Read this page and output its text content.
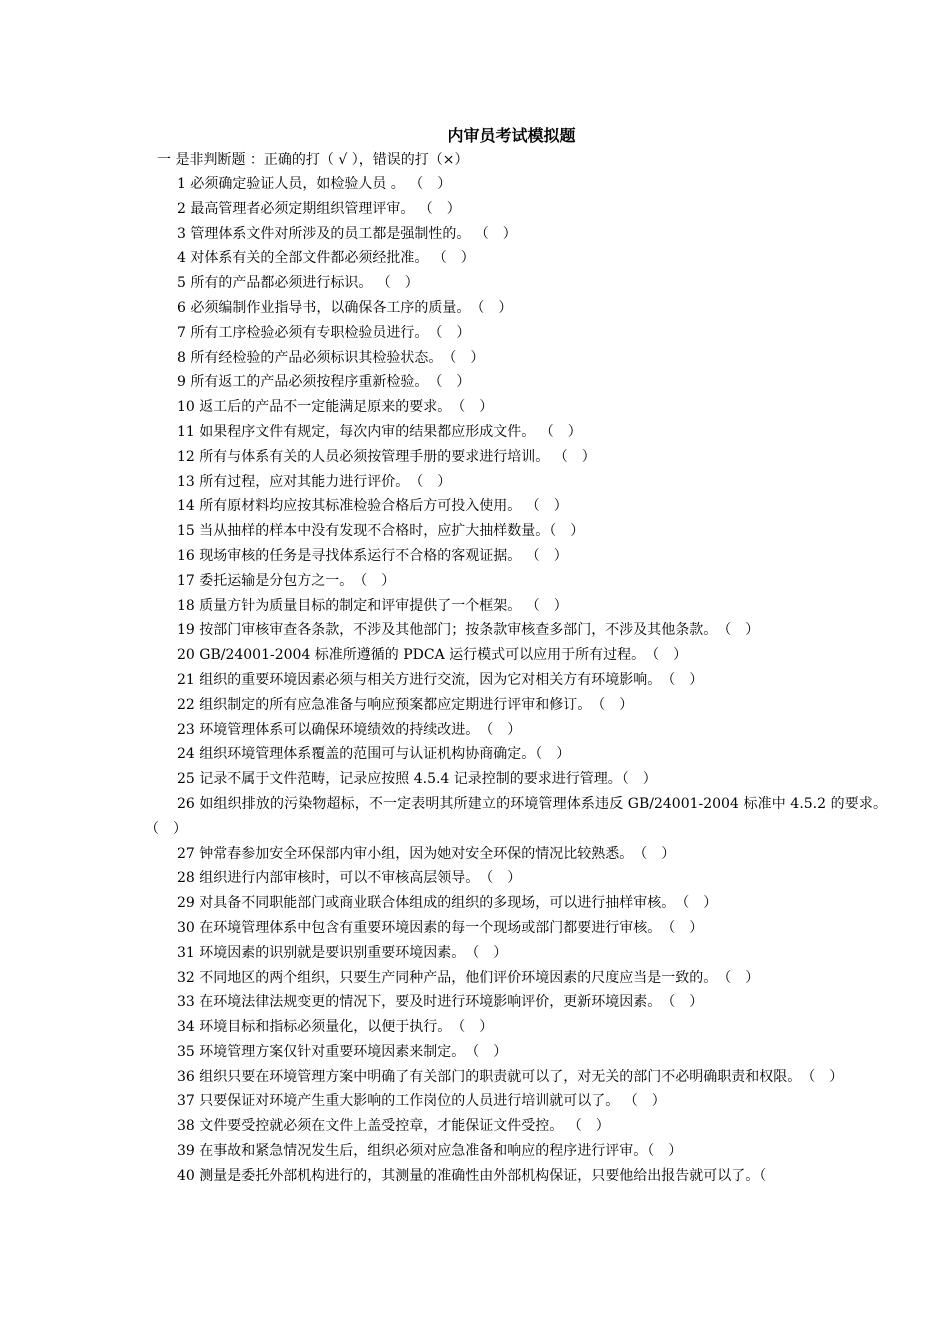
内审员考试模拟题
一 是非判断题 ：正确的打（ √ ），错误的打（×）
1 必须确定验证人员，如检验人员 。 （　）
2 最高管理者必须定期组织管理评审。 （　）
3 管理体系文件对所涉及的员工都是强制性的。 （　）
4 对体系有关的全部文件都必须经批准。 （　）
5 所有的产品都必须进行标识。 （　）
6 必须编制作业指导书，以确保各工序的质量。　（　）
7 所有工序检验必须有专职检验员进行。　（　）
8 所有经检验的产品必须标识其检验状态。　（　）
9 所有返工的产品必须按程序重新检验。　（　）
10 返工后的产品不一定能满足原来的要求。　（　）
11 如果程序文件有规定，每次内审的结果都应形成文件。 （　）
12 所有与体系有关的人员必须按管理手册的要求进行培训。 （　）
13 所有过程，应对其能力进行评价。　（　）
14 所有原材料均应按其标准检验合格后方可投入使用。 （　）
15 当从抽样的样本中没有发现不合格时，应扩大抽样数量。（　）
16 现场审核的任务是寻找体系运行不合格的客观证据。 （　）
17 委托运输是分包方之一。　（　）
18 质量方针为质量目标的制定和评审提供了一个框架。 （　）
19 按部门审核审查各条款，不涉及其他部门；按条款审核查多部门，不涉及其他条款。　（　）
20 GB/24001-2004 标准所遵循的 PDCA 运行模式可以应用于所有过程。　（　）
21 组织的重要环境因素必须与相关方进行交流，因为它对相关方有环境影响。　（　）
22 组织制定的所有应急准备与响应预案都应定期进行评审和修订。　（　）
23 环境管理体系可以确保环境绩效的持续改进。　（　）
24 组织环境管理体系覆盖的范围可与认证机构协商确定。（　）
25 记录不属于文件范畴，记录应按照 4.5.4 记录控制的要求进行管理。（　）
26 如组织排放的污染物超标，不一定表明其所建立的环境管理体系违反 GB/24001-2004 标准中 4.5.2 的要求。　（　）
27 钟常春参加安全环保部内审小组，因为她对安全环保的情况比较熟悉。　（　）
28 组织进行内部审核时，可以不审核高层领导。　（　）
29 对具备不同职能部门或商业联合体组成的组织的多现场，可以进行抽样审核。　（　）
30 在环境管理体系中包含有重要环境因素的每一个现场或部门都要进行审核。　（　）
31 环境因素的识别就是要识别重要环境因素。　（　）
32 不同地区的两个组织，只要生产同种产品，他们评价环境因素的尺度应当是一致的。　（　）
33 在环境法律法规变更的情况下，要及时进行环境影响评价，更新环境因素。　（　）
34 环境目标和指标必须量化，以便于执行。　（　）
35 环境管理方案仅针对重要环境因素来制定。　（　）
36 组织只要在环境管理方案中明确了有关部门的职责就可以了，对无关的部门不必明确职责和权限。　（　）
37 只要保证对环境产生重大影响的工作岗位的人员进行培训就可以了。 （　）
38 文件要受控就必须在文件上盖受控章，才能保证文件受控。 （　）
39 在事故和紧急情况发生后，组织必须对应急准备和响应的程序进行评审。（　）
40 测量是委托外部机构进行的，其测量的准确性由外部机构保证，只要他给出报告就可以了。（
